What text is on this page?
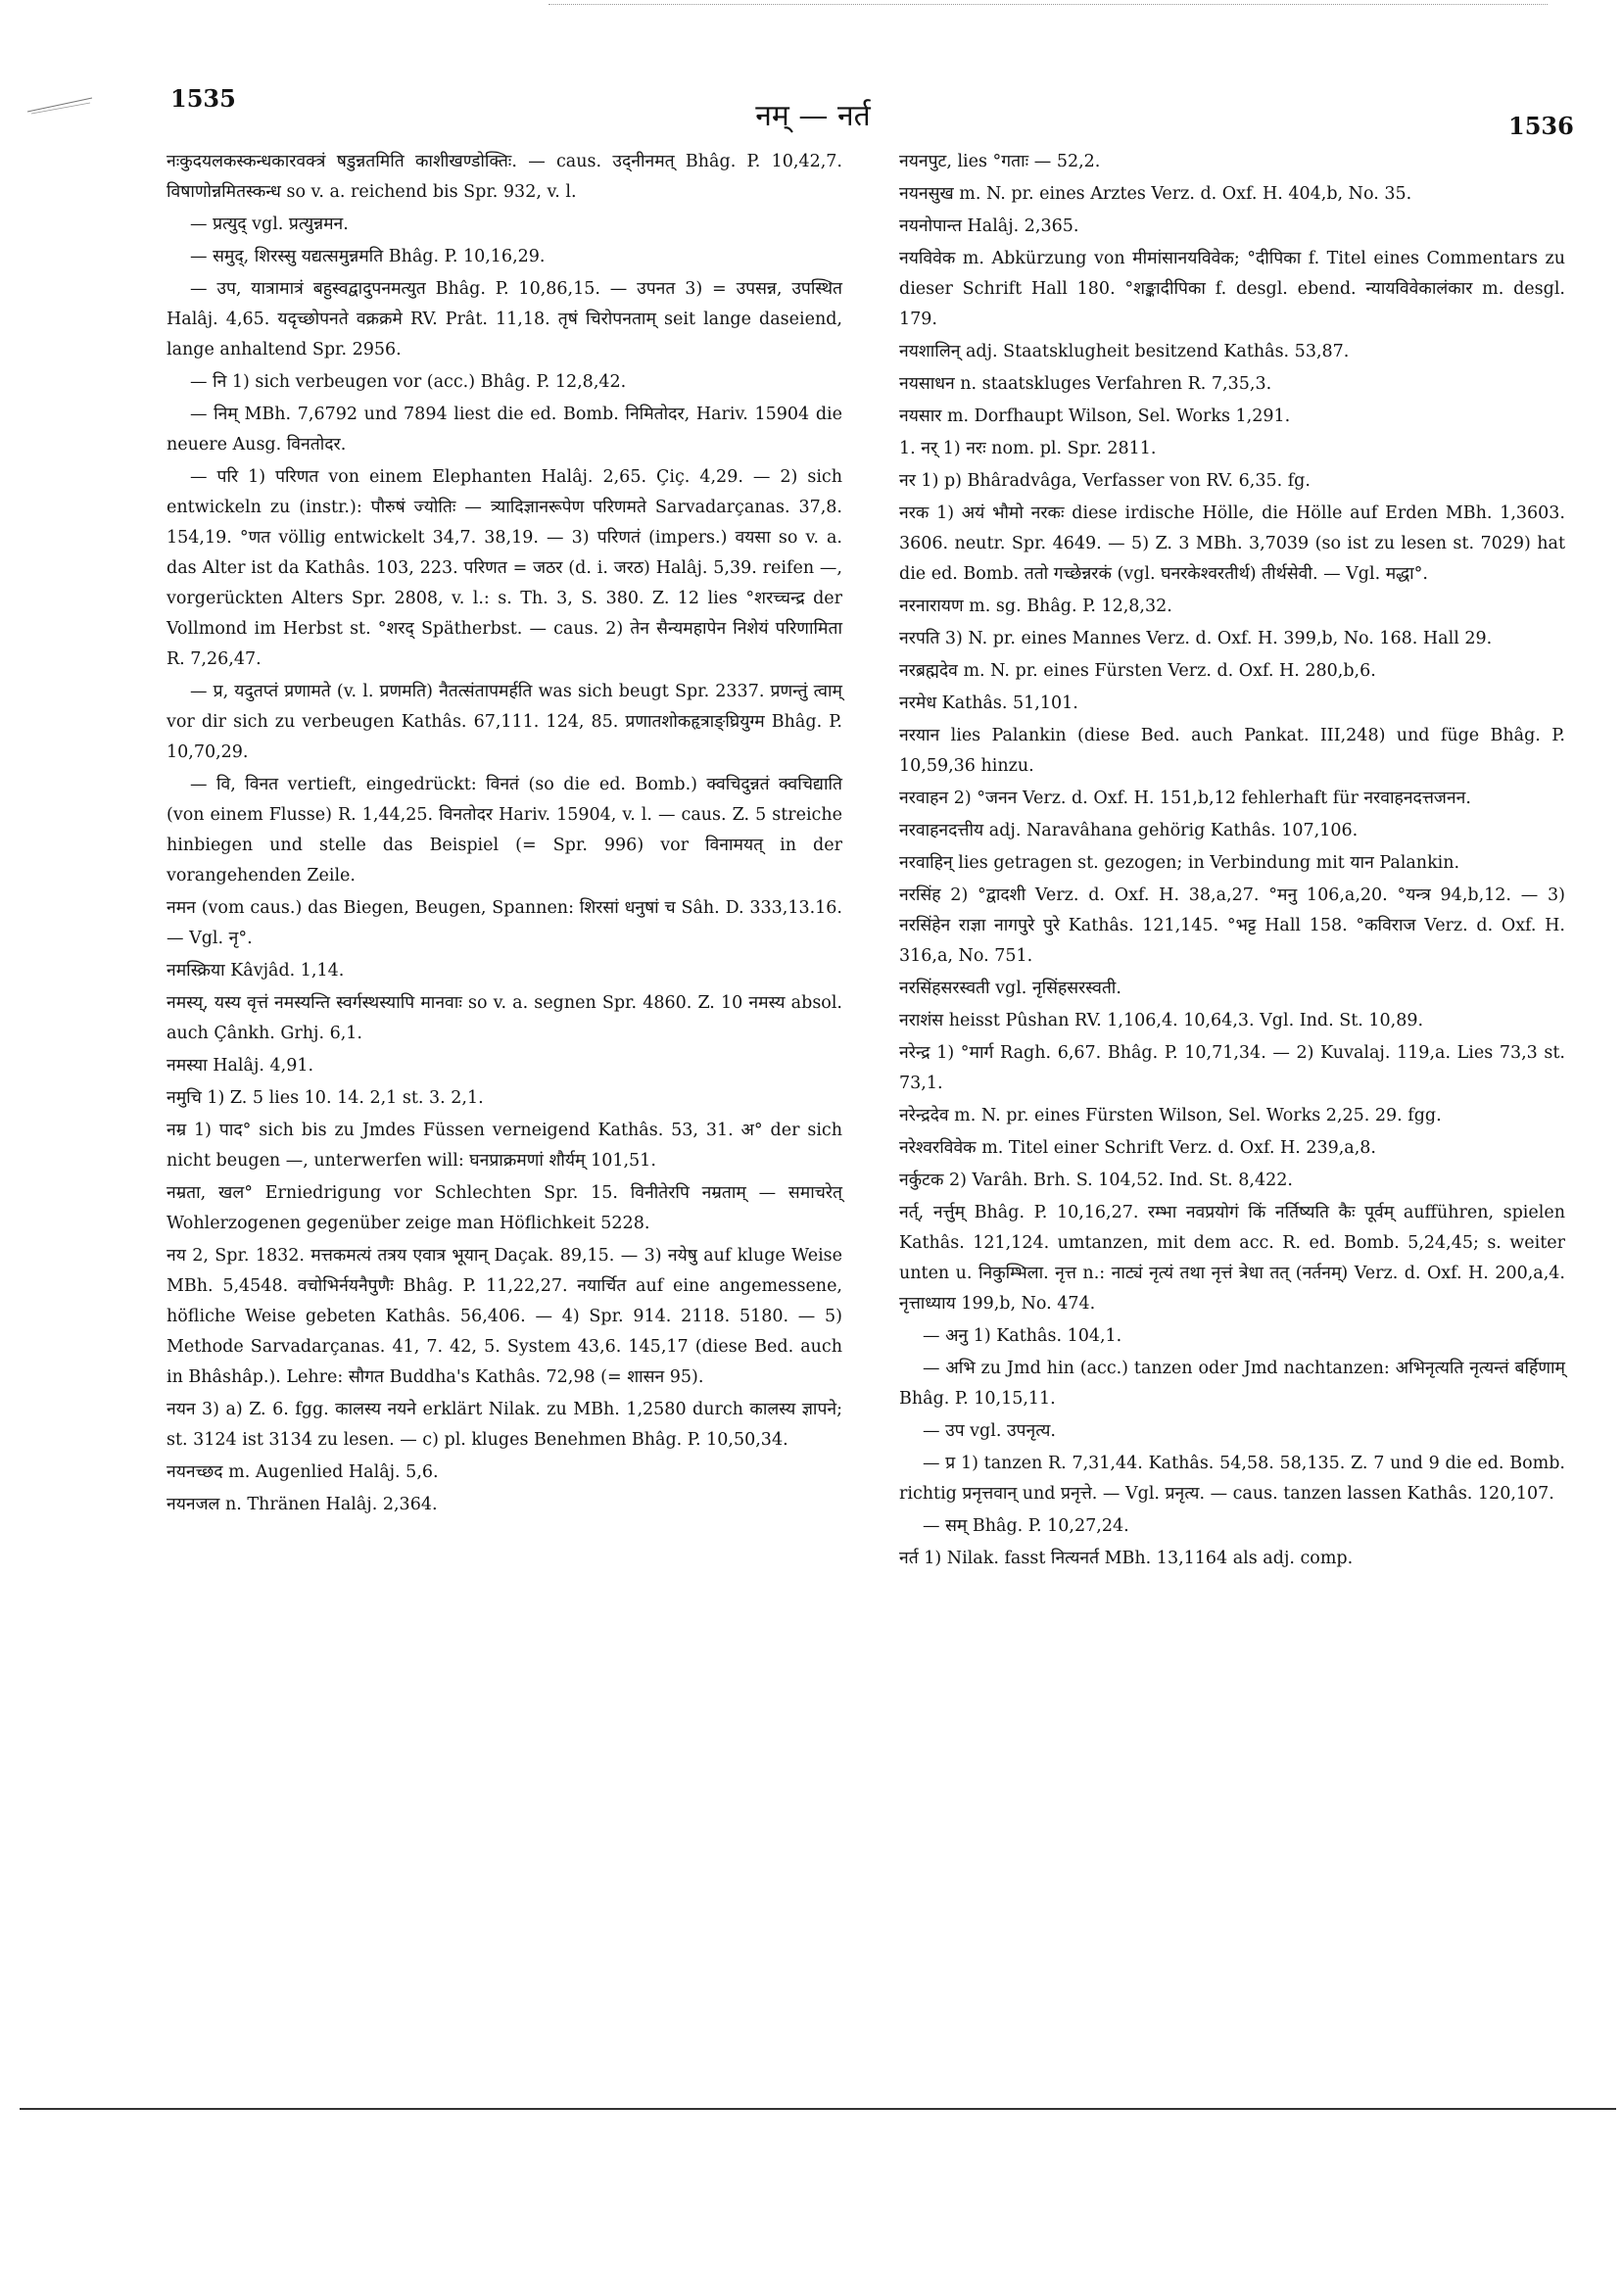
1535
नम् — नर्त	1536

नःकुदयलकस्कन्धकारवक्त्रं षडुन्नतमिति काशीखण्डोक्तिः. — caus. उद्नीनमत् Bhâg. P. 10,42,7. विषाणोन्नमितस्कन्ध so v. a. reichend bis Spr. 932, v. l.

— प्रत्युद् vgl. प्रत्युन्नमन.

— समुद्, शिरस्सु यद्यत्समुन्नमति Bhâg. P. 10,16,29.

— उप, यात्रामात्रं बहुस्वद्वादुपनमत्युत Bhâg. P. 10,86,15. — उपनत 3) = उपसन्न, उपस्थित Halâj. 4,65. यदृच्छोपनते वक्रक्रमे RV. Prât. 11,18. तृषं चिरोपनताम् seit lange daseiend, lange anhaltend Spr. 2956.

— नि 1) sich verbeugen vor (acc.) Bhâg. P. 12,8,42.

— निम् MBh. 7,6792 und 7894 liest die ed. Bomb. निमितोदर, Hariv. 15904 die neuere Ausg. विनतोदर.

— परि 1) परिणत von einem Elephanten Halâj. 2,65. Çiç. 4,29. — 2) sich entwickeln zu (instr.): पौरुषं ज्योतिः — त्र्यादिज्ञानरूपेण परिणमते Sarvadarçanas. 37,8. 154,19. °णत völlig entwickelt 34,7. 38,19. — 3) परिणतं (impers.) वयसा so v. a. das Alter ist da Kathâs. 103, 223. परिणत = जठर (d. i. जरठ) Halâj. 5,39. reifen —, vorgerückten Alters Spr. 2808, v. l.: s. Th. 3, S. 380. Z. 12 lies °शरच्चन्द्र der Vollmond im Herbst st. °शरद् Spätherbst. — caus. 2) तेन सैन्यमहापेन निशेयं परिणामिता R. 7,26,47.

— प्र, यदुतप्तं प्रणामते (v. l. प्रणमति) नैतत्संतापमर्हति was sich beugt Spr. 2337. प्रणन्तुं त्वाम् vor dir sich zu verbeugen Kathâs. 67,111. 124, 85. प्रणातशोकहृत्राङ्घ्रियुग्म Bhâg. P. 10,70,29.

— वि, विनत vertieft, eingedrückt: विनतं (so die ed. Bomb.) क्वचिदुन्नतं क्वचिद्याति (von einem Flusse) R. 1,44,25. विनतोदर Hariv. 15904, v. l. — caus. Z. 5 streiche hinbiegen und stelle das Beispiel (= Spr. 996) vor विनामयत् in der vorangehenden Zeile.

नमन (vom caus.) das Biegen, Beugen, Spannen: शिरसां धनुषां च Sâh. D. 333,13.16. — Vgl. नृ°.

नमस्क्रिया Kâvjâd. 1,14.

नमस्य्, यस्य वृत्तं नमस्यन्ति स्वर्गस्थस्यापि मानवाः so v. a. segnen Spr. 4860. Z. 10 नमस्य absol. auch Çânkh. Grhj. 6,1.

नमस्या Halâj. 4,91.

नमुचि 1) Z. 5 lies 10. 14. 2,1 st. 3. 2,1.

नम्र 1) पाद° sich bis zu Jmdes Füssen verneigend Kathâs. 53, 31. अ° der sich nicht beugen —, unterwerfen will: घनप्राक्रमणां शौर्यम् 101,51.

नम्रता, खल° Erniedrigung vor Schlechten Spr. 15. विनीतेरपि नम्रताम् — समाचरेत् Wohlerzogenen gegenüber zeige man Höflichkeit 5228.

नय 2, Spr. 1832. मत्तकमत्यं तत्रय एवात्र भूयान् Daçak. 89,15. — 3) नयेषु auf kluge Weise MBh. 5,4548. वचोभिर्नयनैपुणैः Bhâg. P. 11,22,27. नयार्चित auf eine angemessene, höfliche Weise gebeten Kathâs. 56,406. — 4) Spr. 914. 2118. 5180. — 5) Methode Sarvadarçanas. 41, 7. 42, 5. System 43,6. 145,17 (diese Bed. auch in Bhâshâp.). Lehre: सौगत Buddha's Kathâs. 72,98 (= शासन 95).

नयन 3) a) Z. 6. fgg. कालस्य नयने erklärt Nilak. zu MBh. 1,2580 durch कालस्य ज्ञापने; st. 3124 ist 3134 zu lesen. — c) pl. kluges Benehmen Bhâg. P. 10,50,34.

नयनच्छद m. Augenlied Halâj. 5,6.

नयनजल n. Thränen Halâj. 2,364.

नयनपुट, lies °गताः — 52,2.

नयनसुख m. N. pr. eines Arztes Verz. d. Oxf. H. 404,b, No. 35.

नयनोपान्त Halâj. 2,365.

नयविवेक m. Abkürzung von मीमांसानयविवेक; °दीपिका f. Titel eines Commentars zu dieser Schrift Hall 180. °शङ्कादीपिका f. desgl. ebend. न्यायविवेकालंकार m. desgl. 179.

नयशालिन् adj. Staatsklugheit besitzend Kathâs. 53,87.

नयसाधन n. staatskluges Verfahren R. 7,35,3.

नयसार m. Dorfhaupt Wilson, Sel. Works 1,291.

1. नर् 1) नरः nom. pl. Spr. 2811.

नर 1) p) Bhâradvâga, Verfasser von RV. 6,35. fg.

नरक 1) अयं भौमो नरकः diese irdische Hölle, die Hölle auf Erden MBh. 1,3603. 3606. neutr. Spr. 4649. — 5) Z. 3 MBh. 3,7039 (so ist zu lesen st. 7029) hat die ed. Bomb. ततो गच्छेन्नरकं (vgl. घनरकेश्वरतीर्थ) तीर्थसेवी. — Vgl. मद्धा°.

नरनारायण m. sg. Bhâg. P. 12,8,32.

नरपति 3) N. pr. eines Mannes Verz. d. Oxf. H. 399,b, No. 168. Hall 29.

नरब्रह्मदेव m. N. pr. eines Fürsten Verz. d. Oxf. H. 280,b,6.

नरमेध Kathâs. 51,101.

नरयान lies Palankin (diese Bed. auch Pankat. III,248) und füge Bhâg. P. 10,59,36 hinzu.

नरवाहन 2) °जनन Verz. d. Oxf. H. 151,b,12 fehlerhaft für नरवाहनदत्तजनन.

नरवाहनदत्तीय adj. Naravâhana gehörig Kathâs. 107,106.

नरवाहिन् lies getragen st. gezogen; in Verbindung mit यान Palankin.

नरसिंह 2) °द्वादशी Verz. d. Oxf. H. 38,a,27. °मनु 106,a,20. °यन्त्र 94,b,12. — 3) नरसिंहेन राज्ञा नागपुरे पुरे Kathâs. 121,145. °भट्ट Hall 158. °कविराज Verz. d. Oxf. H. 316,a, No. 751.

नरसिंहसरस्वती vgl. नृसिंहसरस्वती.

नराशंस heisst Pûshan RV. 1,106,4. 10,64,3. Vgl. Ind. St. 10,89.

नरेन्द्र 1) °मार्ग Ragh. 6,67. Bhâg. P. 10,71,34. — 2) Kuvalaj. 119,a. Lies 73,3 st. 73,1.

नरेन्द्रदेव m. N. pr. eines Fürsten Wilson, Sel. Works 2,25. 29. fgg.

नरेश्वरविवेक m. Titel einer Schrift Verz. d. Oxf. H. 239,a,8.

नर्कुटक 2) Varâh. Brh. S. 104,52. Ind. St. 8,422.

नर्त्, नर्त्तुम् Bhâg. P. 10,16,27. रम्भा नवप्रयोगं किं नर्तिष्यति कैः पूर्वम् aufführen, spielen Kathâs. 121,124. umtanzen, mit dem acc. R. ed. Bomb. 5,24,45; s. weiter unten u. निकुम्भिला. नृत्त n.: नाट्यं नृत्यं तथा नृत्तं त्रेधा तत् (नर्तनम्) Verz. d. Oxf. H. 200,a,4. नृत्ताध्याय 199,b, No. 474.

— अनु 1) Kathâs. 104,1.

— अभि zu Jmd hin (acc.) tanzen oder Jmd nachtanzen: अभिनृत्यति नृत्यन्तं बर्हिणाम् Bhâg. P. 10,15,11.

— उप vgl. उपनृत्य.

— प्र 1) tanzen R. 7,31,44. Kathâs. 54,58. 58,135. Z. 7 und 9 die ed. Bomb. richtig प्रनृत्तवान् und प्रनृत्ते. — Vgl. प्रनृत्य. — caus. tanzen lassen Kathâs. 120,107.

— सम् Bhâg. P. 10,27,24.

नर्त 1) Nilak. fasst नित्यनर्त MBh. 13,1164 als adj. comp.
